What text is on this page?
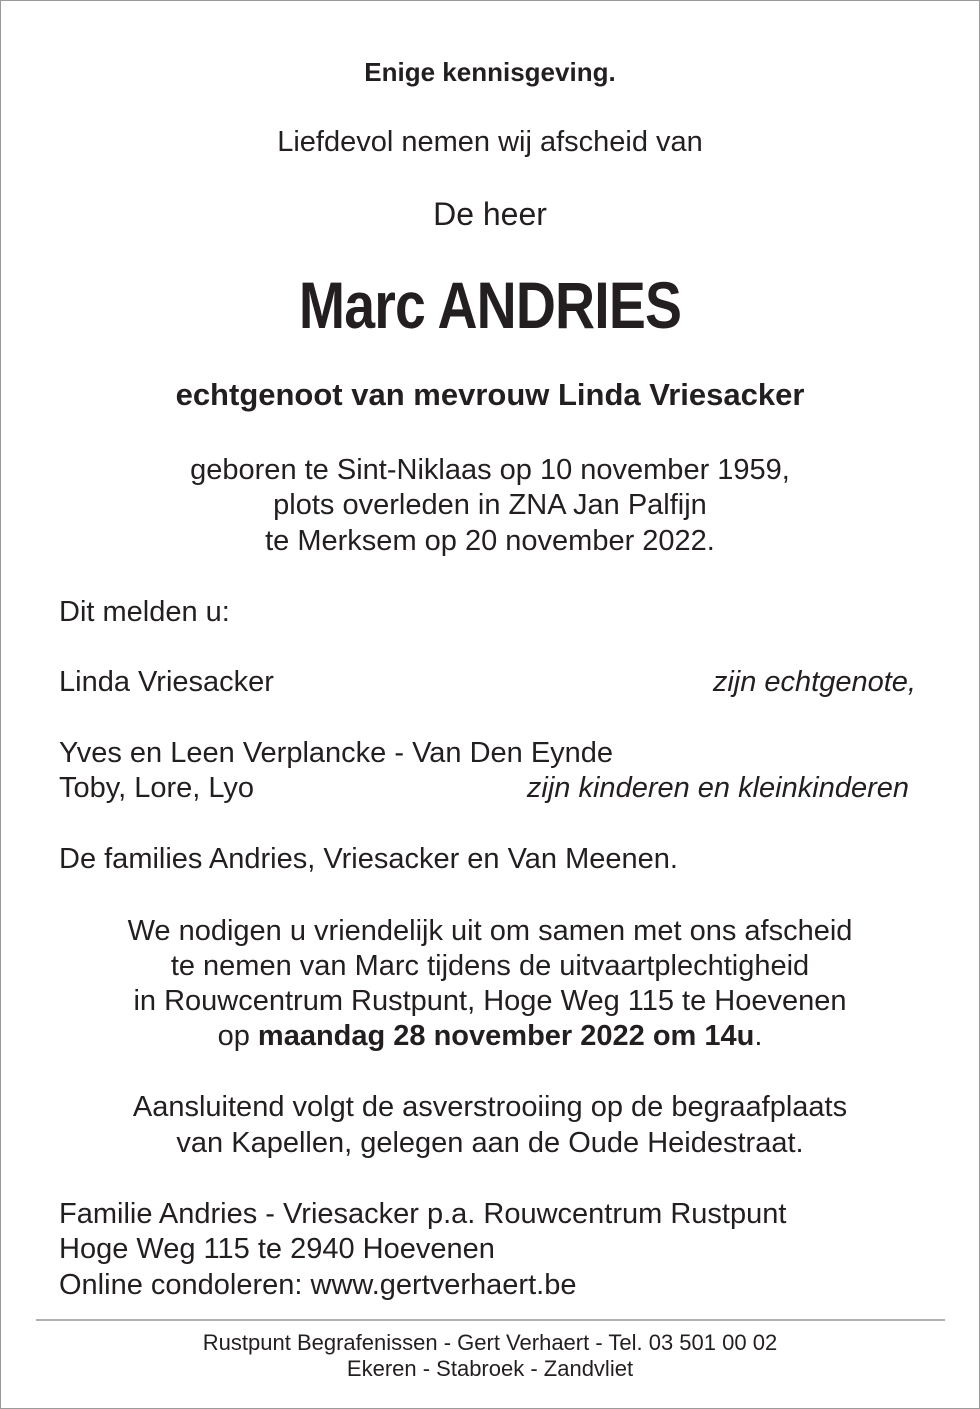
Enige kennisgeving.
Liefdevol nemen wij afscheid van
De heer
Marc ANDRIES
echtgenoot van mevrouw Linda Vriesacker
geboren te Sint-Niklaas op 10 november 1959,
plots overleden in ZNA Jan Palfijn
te Merksem op 20 november 2022.
Dit melden u:
Linda Vriesacker	zijn echtgenote,
Yves en Leen Verplancke - Van Den Eynde
Toby, Lore, Lyo	zijn kinderen en kleinkinderen
De families Andries, Vriesacker en Van Meenen.
We nodigen u vriendelijk uit om samen met ons afscheid
te nemen van Marc tijdens de uitvaartplechtigheid
in Rouwcentrum Rustpunt, Hoge Weg 115 te Hoevenen
op maandag 28 november 2022 om 14u.
Aansluitend volgt de asverstrooiing op de begraafplaats
van Kapellen, gelegen aan de Oude Heidestraat.
Familie Andries - Vriesacker p.a. Rouwcentrum Rustpunt
Hoge Weg 115 te 2940 Hoevenen
Online condoleren: www.gertverhaert.be
Rustpunt Begrafenissen - Gert Verhaert - Tel. 03 501 00 02
Ekeren - Stabroek - Zandvliet
